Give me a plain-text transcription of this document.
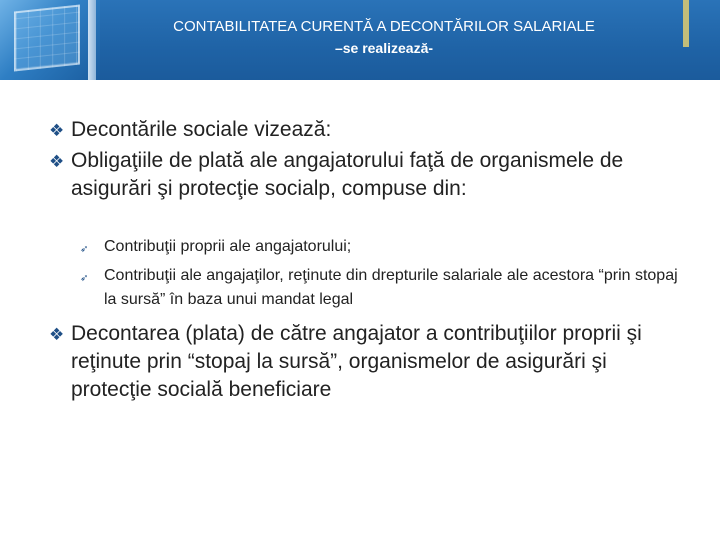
CONTABILITATEA CURENTĂ A DECONTĂRILOR SALARIALE
–se realizează-
❖ Decontările sociale vizează:
❖ Obligaţiile de plată ale angajatorului faţă de organismele de asigurări şi protecţie socialp, compuse din:
➶ Contribuţii proprii ale angajatorului;
➶ Contribuţii ale angajaţilor, reţinute din drepturile salariale ale acestora “prin stopaj la sursă” în baza unui mandat legal
❖ Decontarea (plata) de către angajator a contribuţiilor proprii şi reţinute prin “stopaj la sursă”, organismelor de asigurări şi protecţie socială beneficiare
